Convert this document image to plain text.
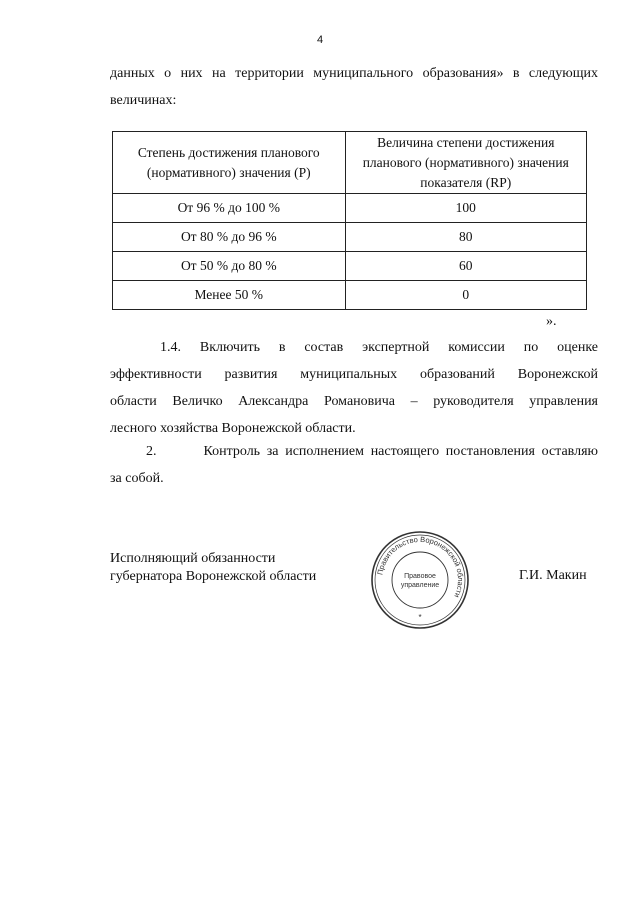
4
данных о них на территории муниципального образования» в следующих
величинах:
Степень достижения планового (нормативного) значения (Р)	Величина степени достижения планового (нормативного) значения показателя (RP)
От 96 % до 100 %	100
От 80 % до 96 %	80
От 50 % до 80 %	60
Менее 50 %	0
».
1.4. Включить в состав экспертной комиссии по оценке
эффективности развития муниципальных образований Воронежской
области Величко Александра Романовича – руководителя управления
лесного хозяйства Воронежской области.
2.	Контроль за исполнением настоящего постановления оставляю
за собой.
Исполняющий обязанности
губернатора Воронежской области	Правительство Воронежской области
Правовое
управление
*
Г.И. Макин
